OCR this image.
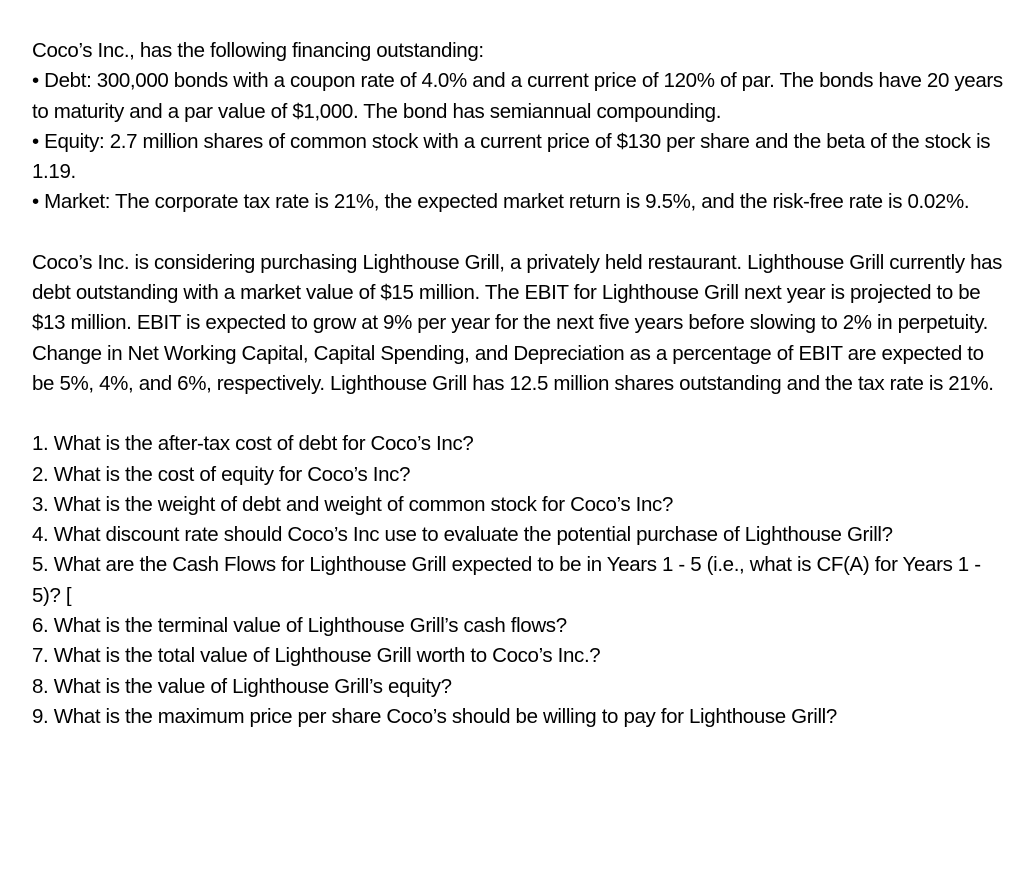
Coco’s Inc., has the following financing outstanding:

• Debt: 300,000 bonds with a coupon rate of 4.0% and a current price of 120% of par. The bonds have 20 years to maturity and a par value of $1,000. The bond has semiannual compounding.

• Equity: 2.7 million shares of common stock with a current price of $130 per share and the beta of the stock is 1.19.

• Market: The corporate tax rate is 21%, the expected market return is 9.5%, and the risk-free rate is 0.02%.

Coco’s Inc. is considering purchasing Lighthouse Grill, a privately held restaurant. Lighthouse Grill currently has debt outstanding with a market value of $15 million. The EBIT for Lighthouse Grill next year is projected to be $13 million. EBIT is expected to grow at 9% per year for the next five years before slowing to 2% in perpetuity. Change in Net Working Capital, Capital Spending, and Depreciation as a percentage of EBIT are expected to be 5%, 4%, and 6%, respectively. Lighthouse Grill has 12.5 million shares outstanding and the tax rate is 21%.

1. What is the after-tax cost of debt for Coco’s Inc?

2. What is the cost of equity for Coco’s Inc?

3. What is the weight of debt and weight of common stock for Coco’s Inc?

4. What discount rate should Coco’s Inc use to evaluate the potential purchase of Lighthouse Grill?

5. What are the Cash Flows for Lighthouse Grill expected to be in Years 1 - 5 (i.e., what is CF(A) for Years 1 - 5)? [

6. What is the terminal value of Lighthouse Grill’s cash flows?

7. What is the total value of Lighthouse Grill worth to Coco’s Inc.?

8. What is the value of Lighthouse Grill’s equity?

9. What is the maximum price per share Coco’s should be willing to pay for Lighthouse Grill?
